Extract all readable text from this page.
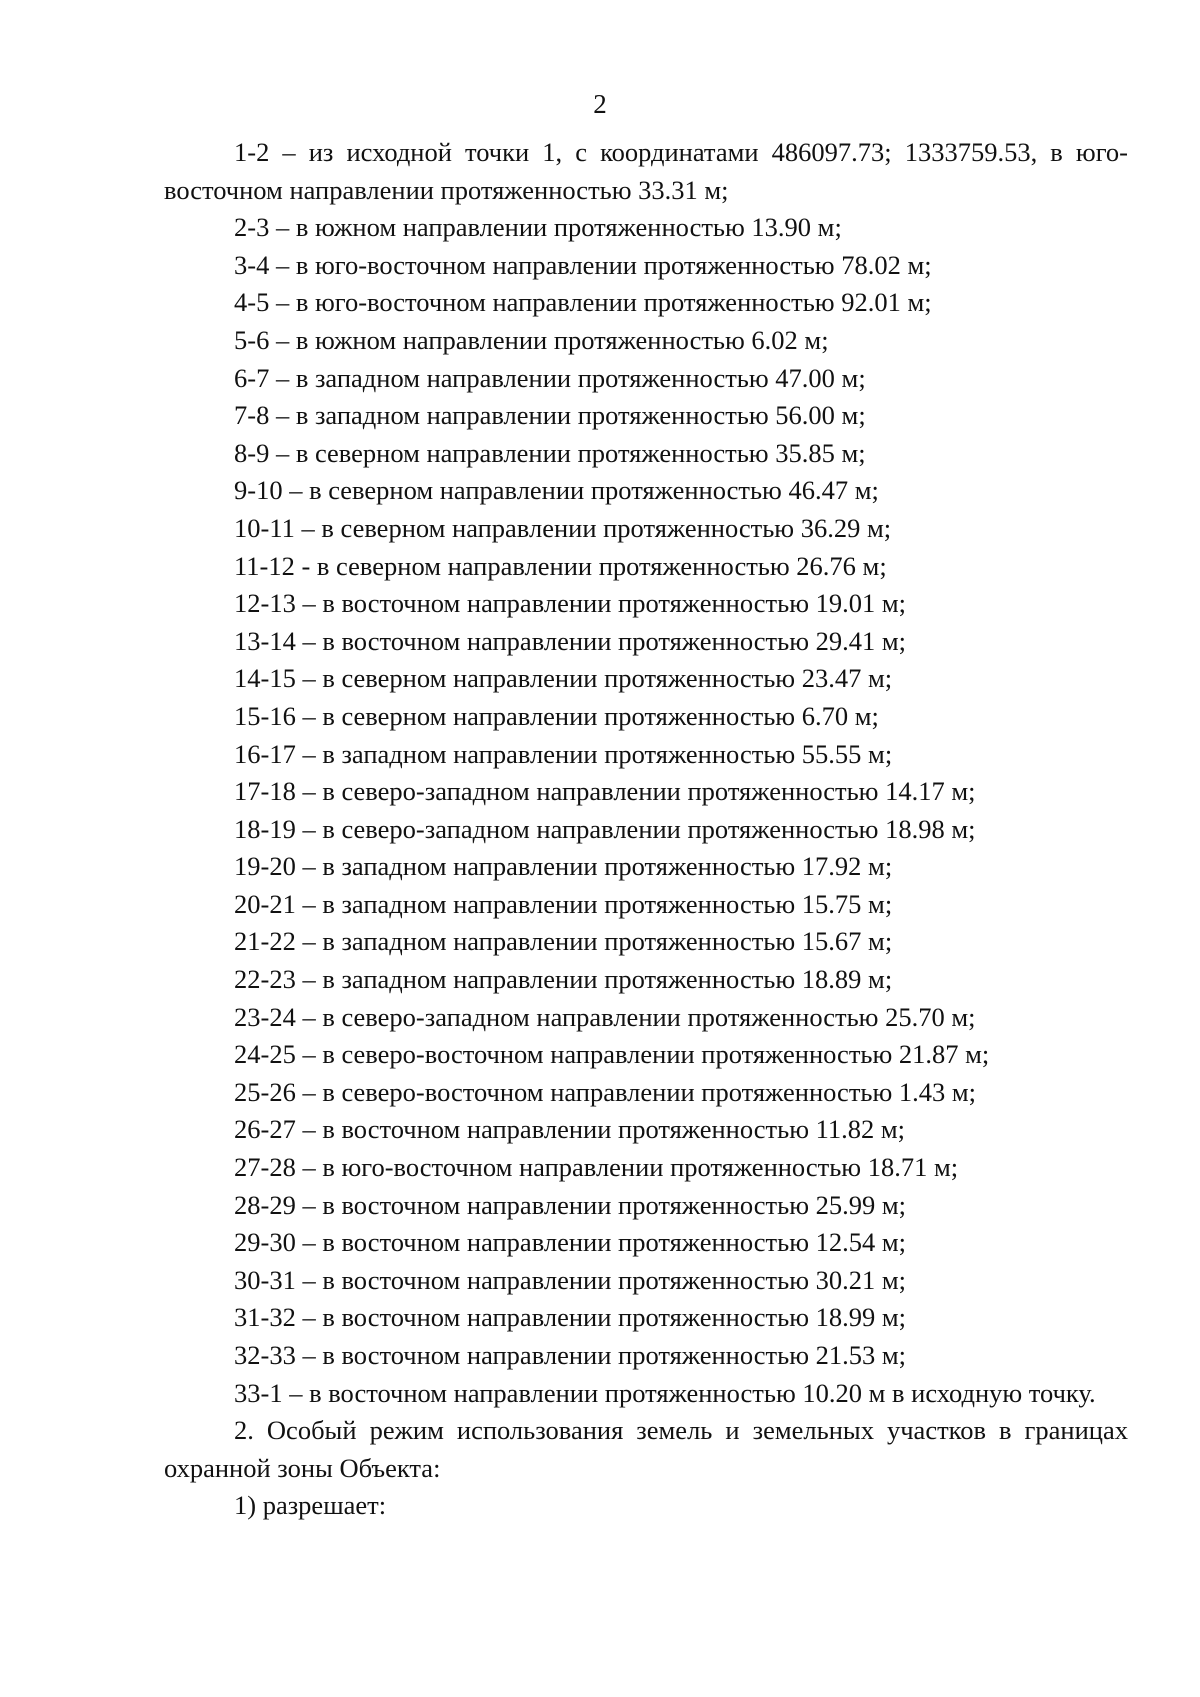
2

1-2 – из исходной точки 1, с координатами 486097.73; 1333759.53, в юго-восточном направлении протяженностью 33.31 м;

2-3 – в южном направлении протяженностью 13.90 м;

3-4 – в юго-восточном направлении протяженностью 78.02 м;

4-5 – в юго-восточном направлении протяженностью 92.01 м;

5-6 – в южном направлении протяженностью 6.02 м;

6-7 – в западном направлении протяженностью 47.00 м;

7-8 – в западном направлении протяженностью 56.00 м;

8-9 – в северном направлении протяженностью 35.85 м;

9-10 – в северном направлении протяженностью 46.47 м;

10-11 – в северном направлении протяженностью 36.29 м;

11-12 - в северном направлении протяженностью 26.76 м;

12-13 – в восточном направлении протяженностью 19.01 м;

13-14 – в восточном направлении протяженностью 29.41 м;

14-15 – в северном направлении протяженностью 23.47 м;

15-16 – в северном направлении протяженностью 6.70 м;

16-17 – в западном направлении протяженностью 55.55 м;

17-18 – в северо-западном направлении протяженностью 14.17 м;

18-19 – в северо-западном направлении протяженностью 18.98 м;

19-20 – в западном направлении протяженностью 17.92 м;

20-21 – в западном направлении протяженностью 15.75 м;

21-22 – в западном направлении протяженностью 15.67 м;

22-23 – в западном направлении протяженностью 18.89 м;

23-24 – в северо-западном направлении протяженностью 25.70 м;

24-25 – в северо-восточном направлении протяженностью 21.87 м;

25-26 – в северо-восточном направлении протяженностью 1.43 м;

26-27 – в восточном направлении протяженностью 11.82 м;

27-28 – в юго-восточном направлении протяженностью 18.71 м;

28-29 – в восточном направлении протяженностью 25.99 м;

29-30 – в восточном направлении протяженностью 12.54 м;

30-31 – в восточном направлении протяженностью 30.21 м;

31-32 – в восточном направлении протяженностью 18.99 м;

32-33 – в восточном направлении протяженностью 21.53 м;

33-1 – в восточном направлении протяженностью 10.20 м в исходную точку.

2. Особый режим использования земель и земельных участков в границах охранной зоны Объекта:

1) разрешает:
